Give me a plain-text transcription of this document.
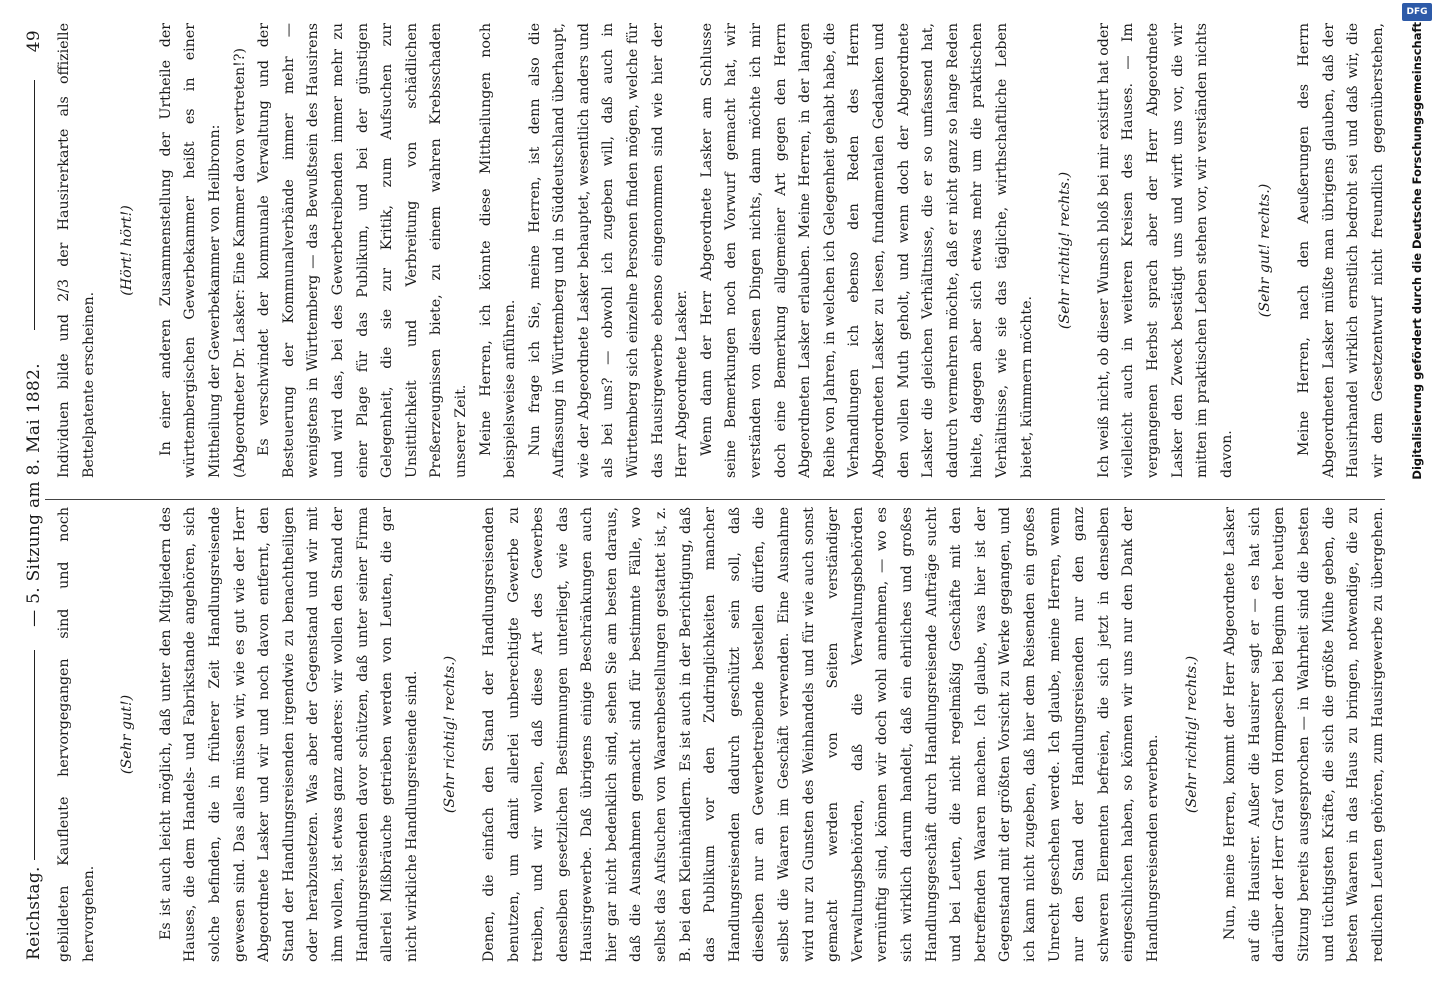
Reichstag.
— 5. Sitzung am 8. Mai 1882.
49

gebildeten Kaufleute hervorgegangen sind und noch hervorgehen.

(Sehr gut!)	Es ist auch leicht möglich, daß unter den Mitgliedern des Hauses, die dem Handels- und Fabrikstande angehören, sich solche befinden, die in früherer Zeit Handlungsreisende gewesen sind. Das alles müssen wir, wie es gut wie der Herr Abgeordnete Lasker und wir und noch davon entfernt, den Stand der Handlungsreisenden irgendwie zu benachtheiligen oder herabzusetzen. Was aber der Gegenstand und wir mit ihm wollen, ist etwas ganz anderes: wir wollen den Stand der Handlungsreisenden davor schützen, daß unter seiner Firma allerlei Mißbräuche getrieben werden von Leuten, die gar nicht wirkliche Handlungsreisende sind.	(Sehr richtig! rechts.)	Denen, die einfach den Stand der Handlungsreisenden benutzen, um damit allerlei unberechtigte Gewerbe zu treiben, und wir wollen, daß diese Art des Gewerbes denselben gesetzlichen Bestimmungen unterliegt, wie das Hausirgewerbe. Daß übrigens einige Beschränkungen auch hier gar nicht bedenklich sind, sehen Sie am besten daraus, daß die Ausnahmen gemacht sind für bestimmte Fälle, wo selbst das Aufsuchen von Waarenbestellungen gestattet ist, z. B. bei den Kleinhändlern. Es ist auch in der Berichtigung, daß das Publikum vor den Zudringlichkeiten mancher Handlungsreisenden dadurch geschützt sein soll, daß dieselben nur an Gewerbetreibende bestellen dürfen, die selbst die Waaren im Geschäft verwenden. Eine Ausnahme wird nur zu Gunsten des Weinhandels und für wie auch sonst gemacht werden von Seiten verständiger Verwaltungsbehörden, daß die Verwaltungsbehörden vernünftig sind, können wir doch wohl annehmen, — wo es sich wirklich darum handelt, daß ein ehrliches und großes Handlungsgeschäft durch Handlungsreisende Aufträge sucht und bei Leuten, die nicht regelmäßig Geschäfte mit den betreffenden Waaren machen. Ich glaube, was hier ist der Gegenstand mit der größten Vorsicht zu Werke gegangen, und ich kann nicht zugeben, daß hier dem Reisenden ein großes Unrecht geschehen werde. Ich glaube, meine Herren, wenn nur den Stand der Handlungsreisenden nur den ganz schweren Elementen befreien, die sich jetzt in denselben eingeschlichen haben, so können wir uns nur den Dank der Handlungsreisenden erwerben.	(Sehr richtig! rechts.)

Nun, meine Herren, kommt der Herr Abgeordnete Lasker auf die Hausirer. Außer die Hausirer sagt er — es hat sich darüber der Herr Graf von Hompesch bei Beginn der heutigen Sitzung bereits ausgesprochen — in Wahrheit sind die besten und tüchtigsten Kräfte, die sich die größte Mühe geben, die besten Waaren in das Haus zu bringen, notwendige, die zu redlichen Leuten gehören, zum Hausirgewerbe zu übergehen.

Individuen bilde und 2/3 der Hausirerkarte als offizielle Bettelpatente erscheinen.

(Hört! hört!)	In einer anderen Zusammenstellung der Urtheile der württembergischen Gewerbekammer heißt es in einer Mittheilung der Gewerbekammer von Heilbronn: (Abgeordneter Dr. Lasker: Eine Kammer davon vertreten!?) Es verschwindet der kommunale Verwaltung und der Besteuerung der Kommunalverbände immer mehr — wenigstens in Württemberg — das Bewußtsein des Hausirens und wird das, bei des Gewerbetreibenden immer mehr zu einer Plage für das Publikum, und bei der günstigen Gelegenheit, die sie zur Kritik, zum Aufsuchen zur Unsittlichkeit und Verbreitung von schädlichen Preßerzeugnissen biete, zu einem wahren Krebsschaden unserer Zeit. Meine Herren, ich könnte diese Mittheilungen noch beispielsweise anführen. Nun frage ich Sie, meine Herren, ist denn also die Auffassung in Württemberg und in Süddeutschland überhaupt, wie der Abgeordnete Lasker behauptet, wesentlich anders und als bei uns? — obwohl ich zugeben will, daß auch in Württemberg sich einzelne Personen finden mögen, welche für das Hausirgewerbe ebenso eingenommen sind wie hier der Herr Abgeordnete Lasker. Wenn dann der Herr Abgeordnete Lasker am Schlusse seine Bemerkungen noch den Vorwurf gemacht hat, wir verständen von diesen Dingen nichts, dann möchte ich mir doch eine Bemerkung allgemeiner Art gegen den Herrn Abgeordneten Lasker erlauben. Meine Herren, in der langen Reihe von Jahren, in welchen ich Gelegenheit gehabt habe, die Verhandlungen ich ebenso den Reden des Herrn Abgeordneten Lasker zu lesen, fundamentalen Gedanken und den vollen Muth geholt, und wenn doch der Abgeordnete Lasker die gleichen Verhältnisse, die er so umfassend hat, dadurch vermehren möchte, daß er nicht ganz so lange Reden hielte, dagegen aber sich etwas mehr um die praktischen Verhältnisse, wie sie das tägliche, wirthschaftliche Leben bietet, kümmern möchte.

(Sehr richtig! rechts.)	Ich weiß nicht, ob dieser Wunsch bloß bei mir existirt hat oder vielleicht auch in weiteren Kreisen des Hauses. — Im vergangenen Herbst sprach aber der Herr Abgeordnete Lasker den Zweck bestätigt uns und wirft uns vor, die wir mitten im praktischen Leben stehen vor, wir verständen nichts davon.

(Sehr gut! rechts.)

Meine Herren, nach den Aeußerungen des Herrn Abgeordneten Lasker müßte man übrigens glauben, daß der Hausirhandel wirklich ernstlich bedroht sei und daß wir, die wir dem Gesetzentwurf nicht freundlich gegenüberstehen,	Digitalisierung gefördert durch die Deutsche Forschungsgemeinschaft
DFG
